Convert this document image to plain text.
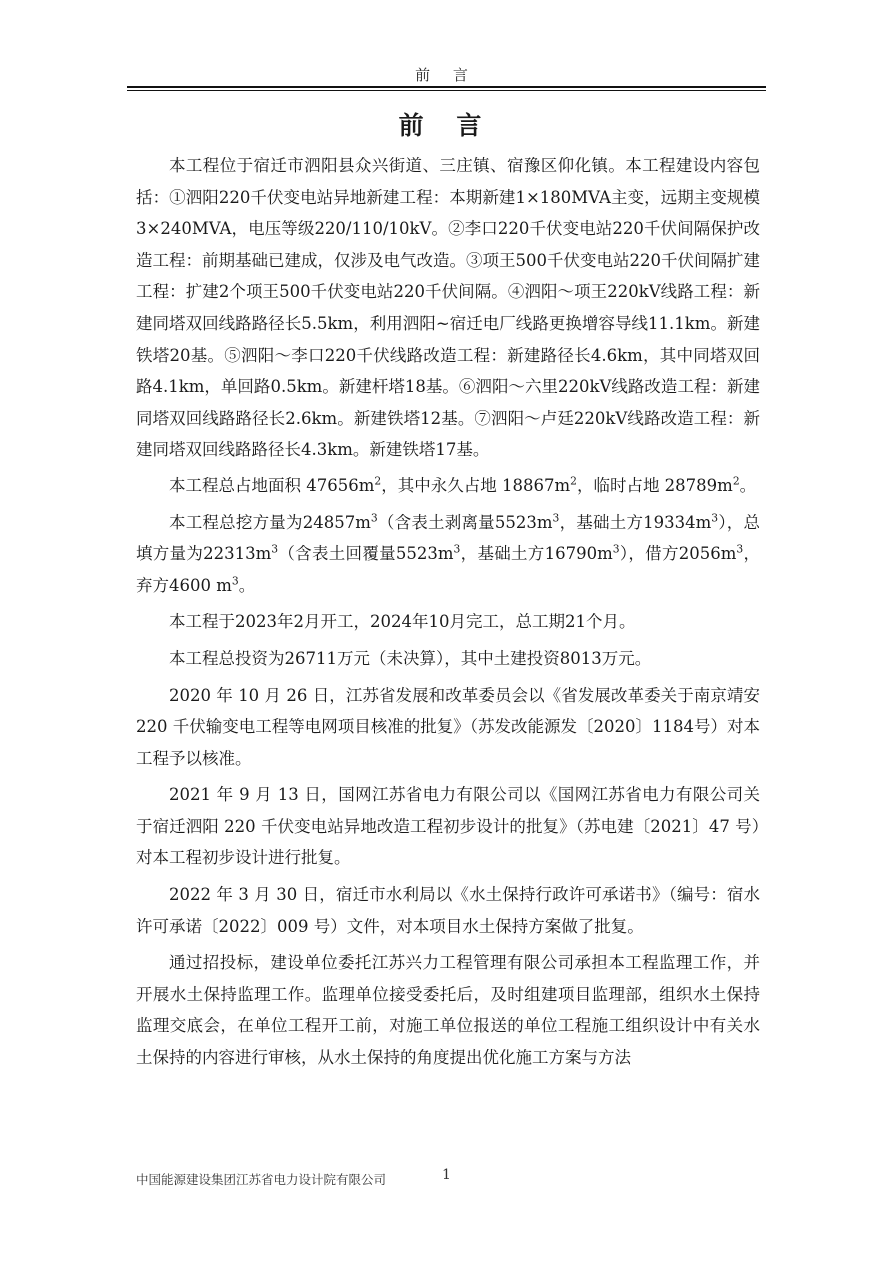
前 言
前 言

本工程位于宿迁市泗阳县众兴街道、三庄镇、宿豫区仰化镇。本工程建设内容包括：①泗阳220千伏变电站异地新建工程：本期新建1×180MVA主变，远期主变规模3×240MVA，电压等级220/110/10kV。②李口220千伏变电站220千伏间隔保护改造工程：前期基础已建成，仅涉及电气改造。③项王500千伏变电站220千伏间隔扩建工程：扩建2个项王500千伏变电站220千伏间隔。④泗阳～项王220kV线路工程：新建同塔双回线路路径长5.5km，利用泗阳~宿迁电厂线路更换增容导线11.1km。新建铁塔20基。⑤泗阳～李口220千伏线路改造工程：新建路径长4.6km，其中同塔双回路4.1km，单回路0.5km。新建杆塔18基。⑥泗阳～六里220kV线路改造工程：新建同塔双回线路路径长2.6km。新建铁塔12基。⑦泗阳～卢廷220kV线路改造工程：新建同塔双回线路路径长4.3km。新建铁塔17基。

本工程总占地面积 $47656m^2$，其中永久占地 $18867m^2$，临时占地 $28789m^2$。

本工程总挖方量为$24857m^3$（含表土剥离量$5523m^3$，基础土方$19334m^3$），总填方量为$22313m^3$（含表土回覆量$5523m^3$，基础土方$16790m^3$），借方$2056m^3$，弃方4600 $m^3$。

本工程于2023年2月开工，2024年10月完工，总工期21个月。

本工程总投资为26711万元（未决算），其中土建投资8013万元。

2020 年 10 月 26 日，江苏省发展和改革委员会以《省发展改革委关于南京靖安 220 千伏输变电工程等电网项目核准的批复》（苏发改能源发〔2020〕1184号）对本工程予以核准。

2021 年 9 月 13 日，国网江苏省电力有限公司以《国网江苏省电力有限公司关于宿迁泗阳 220 千伏变电站异地改造工程初步设计的批复》（苏电建〔2021〕47 号）对本工程初步设计进行批复。

2022 年 3 月 30 日，宿迁市水利局以《水土保持行政许可承诺书》（编号：宿水许可承诺〔2022〕009 号）文件，对本项目水土保持方案做了批复。

通过招投标，建设单位委托江苏兴力工程管理有限公司承担本工程监理工作，并开展水土保持监理工作。监理单位接受委托后，及时组建项目监理部，组织水土保持监理交底会，在单位工程开工前，对施工单位报送的单位工程施工组织设计中有关水土保持的内容进行审核，从水土保持的角度提出优化施工方案与方法

中国能源建设集团江苏省电力设计院有限公司	1
